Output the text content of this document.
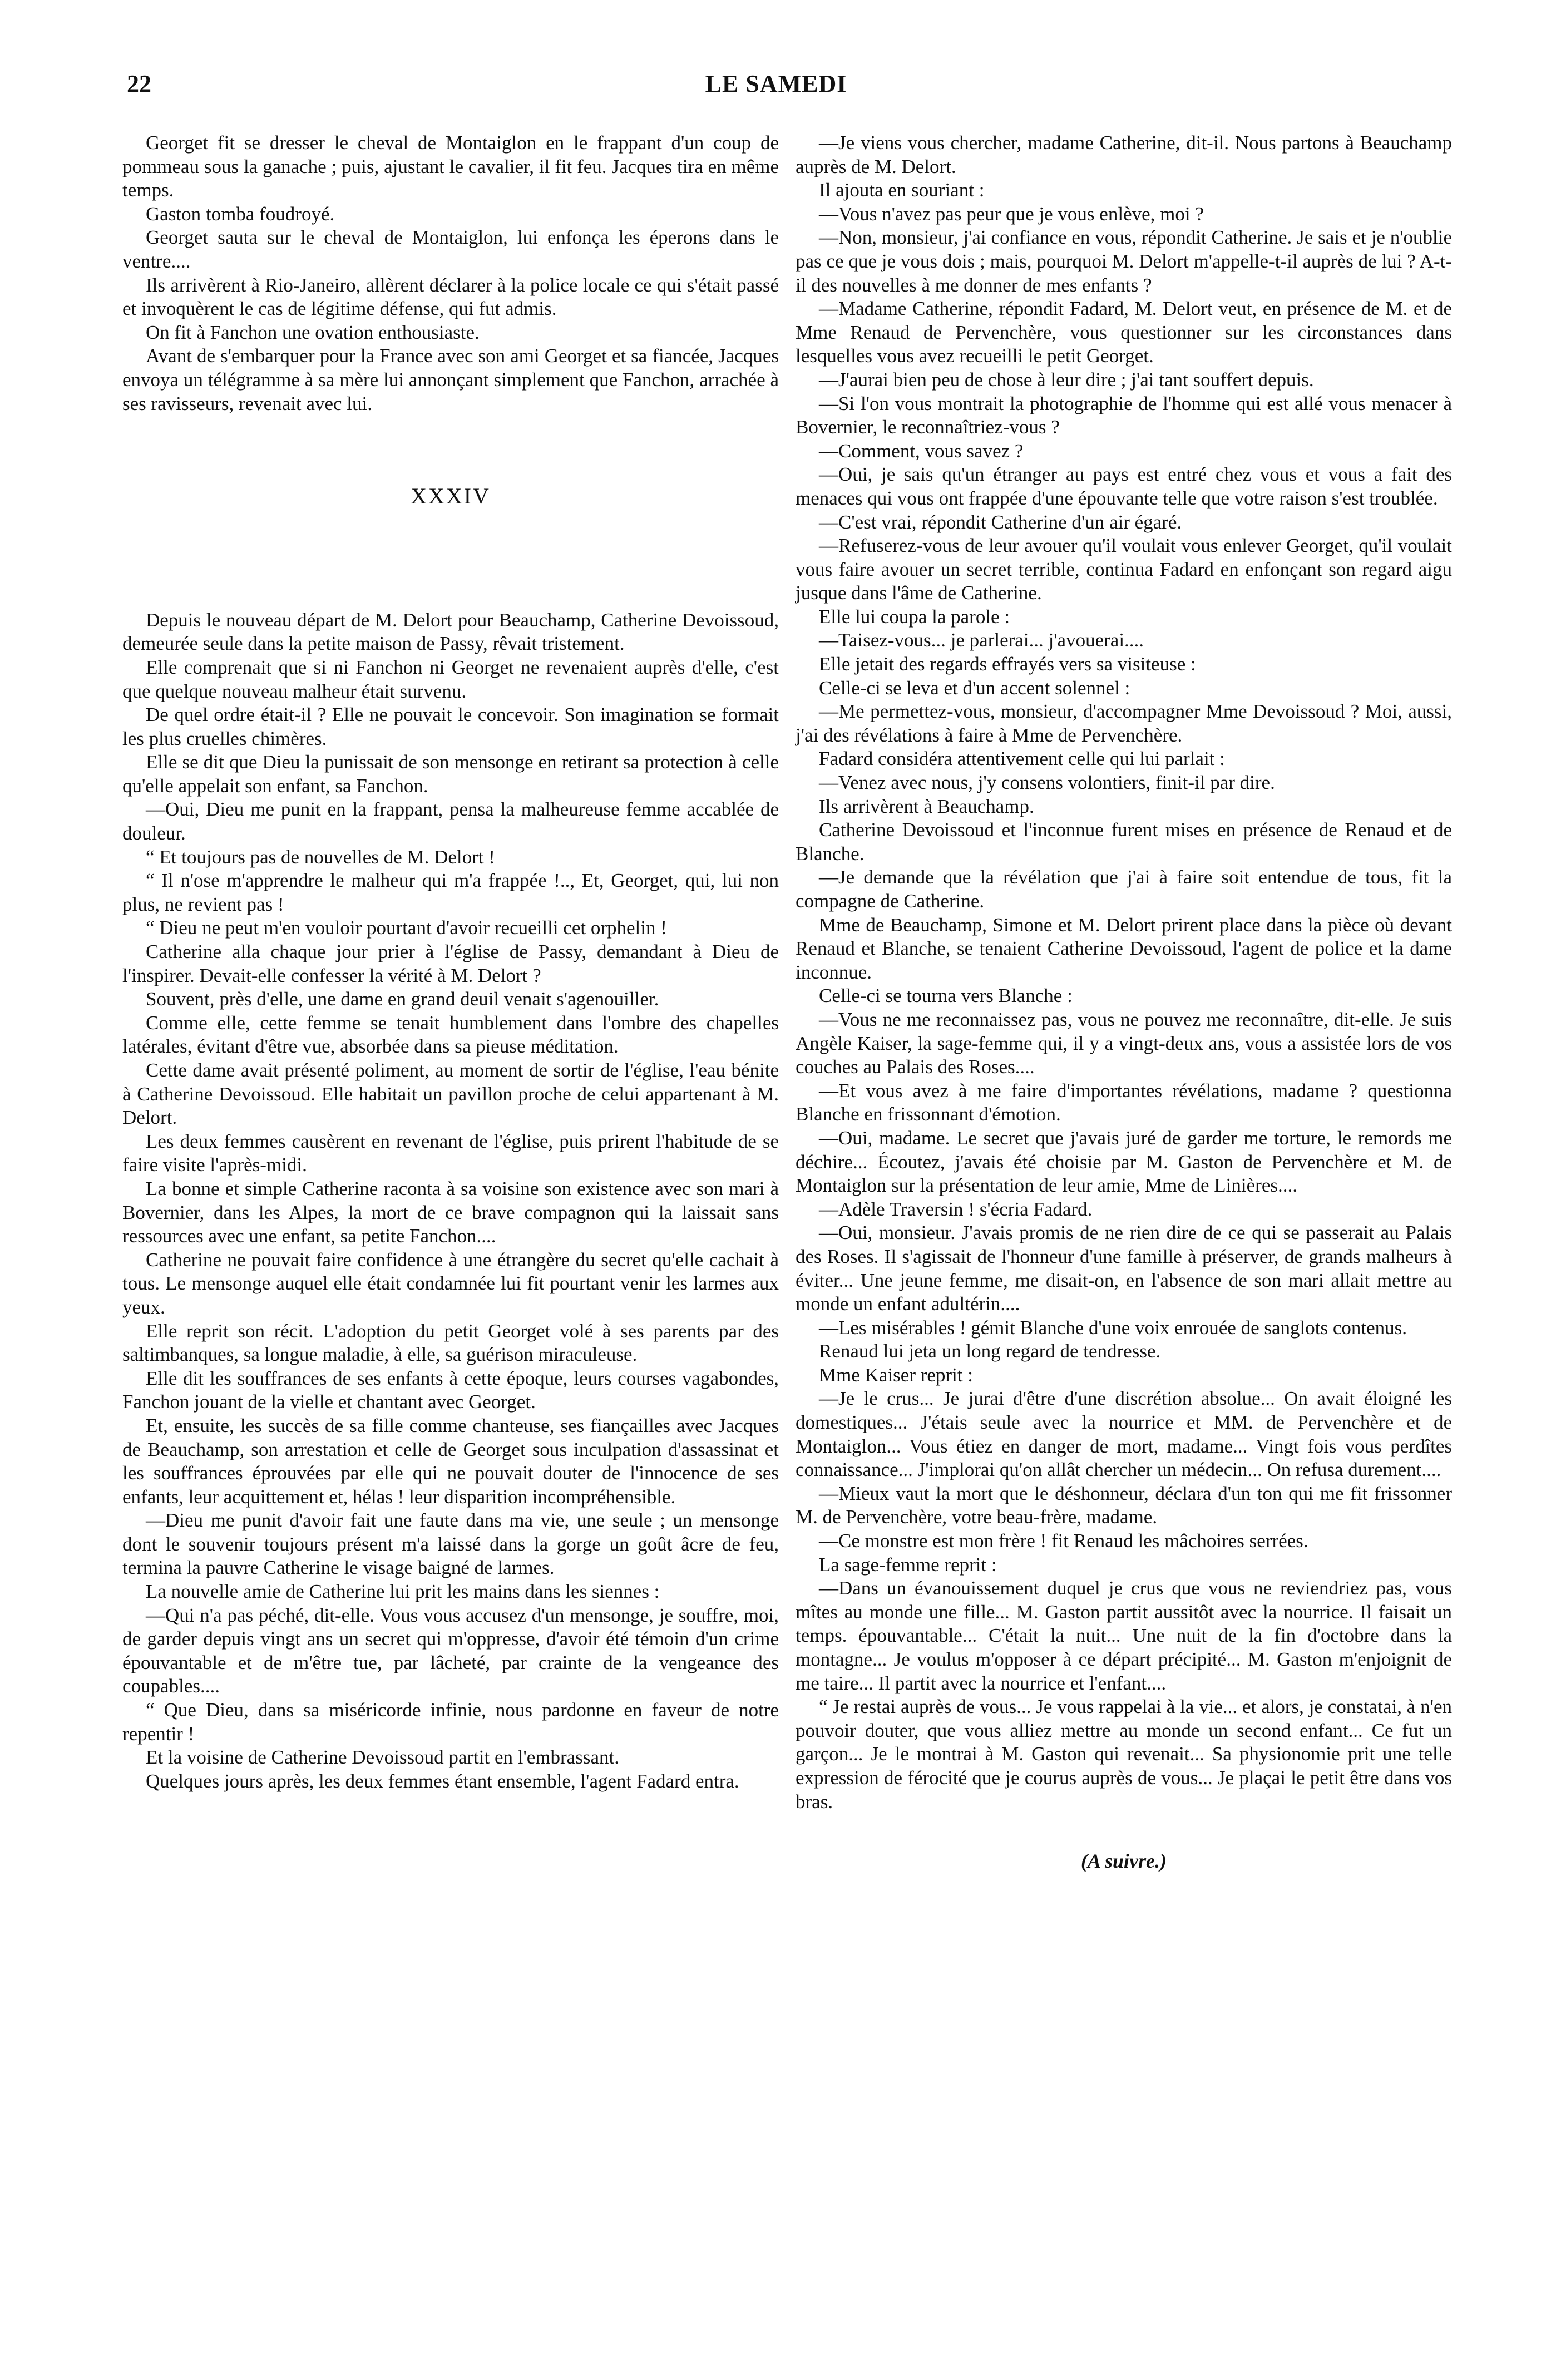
22	LE SAMEDI

Georget fit se dresser le cheval de Montaiglon en le frappant d'un coup de pommeau sous la ganache ; puis, ajustant le cavalier, il fit feu. Jacques tira en même temps.

Gaston tomba foudroyé.

Georget sauta sur le cheval de Montaiglon, lui enfonça les éperons dans le ventre....

Ils arrivèrent à Rio-Janeiro, allèrent déclarer à la police locale ce qui s'était passé et invoquèrent le cas de légitime défense, qui fut admis.

On fit à Fanchon une ovation enthousiaste.

Avant de s'embarquer pour la France avec son ami Georget et sa fiancée, Jacques envoya un télégramme à sa mère lui annonçant simplement que Fanchon, arrachée à ses ravisseurs, revenait avec lui.

XXXIV

Depuis le nouveau départ de M. Delort pour Beauchamp, Catherine Devoissoud, demeurée seule dans la petite maison de Passy, rêvait tristement.

Elle comprenait que si ni Fanchon ni Georget ne revenaient auprès d'elle, c'est que quelque nouveau malheur était survenu.

De quel ordre était-il ? Elle ne pouvait le concevoir. Son imagination se formait les plus cruelles chimères.

Elle se dit que Dieu la punissait de son mensonge en retirant sa protection à celle qu'elle appelait son enfant, sa Fanchon.

—Oui, Dieu me punit en la frappant, pensa la malheureuse femme accablée de douleur.

“ Et toujours pas de nouvelles de M. Delort !

“ Il n'ose m'apprendre le malheur qui m'a frappée !.., Et, Georget, qui, lui non plus, ne revient pas !

“ Dieu ne peut m'en vouloir pourtant d'avoir recueilli cet orphelin !

Catherine alla chaque jour prier à l'église de Passy, demandant à Dieu de l'inspirer. Devait-elle confesser la vérité à M. Delort ?

Souvent, près d'elle, une dame en grand deuil venait s'agenouiller.

Comme elle, cette femme se tenait humblement dans l'ombre des chapelles latérales, évitant d'être vue, absorbée dans sa pieuse méditation.

Cette dame avait présenté poliment, au moment de sortir de l'église, l'eau bénite à Catherine Devoissoud. Elle habitait un pavillon proche de celui appartenant à M. Delort.

Les deux femmes causèrent en revenant de l'église, puis prirent l'habitude de se faire visite l'après-midi.

La bonne et simple Catherine raconta à sa voisine son existence avec son mari à Bovernier, dans les Alpes, la mort de ce brave compagnon qui la laissait sans ressources avec une enfant, sa petite Fanchon....

Catherine ne pouvait faire confidence à une étrangère du secret qu'elle cachait à tous. Le mensonge auquel elle était condamnée lui fit pourtant venir les larmes aux yeux.

Elle reprit son récit. L'adoption du petit Georget volé à ses parents par des saltimbanques, sa longue maladie, à elle, sa guérison miraculeuse.

Elle dit les souffrances de ses enfants à cette époque, leurs courses vagabondes, Fanchon jouant de la vielle et chantant avec Georget.

Et, ensuite, les succès de sa fille comme chanteuse, ses fiançailles avec Jacques de Beauchamp, son arrestation et celle de Georget sous inculpation d'assassinat et les souffrances éprouvées par elle qui ne pouvait douter de l'innocence de ses enfants, leur acquittement et, hélas ! leur disparition incompréhensible.

—Dieu me punit d'avoir fait une faute dans ma vie, une seule ; un mensonge dont le souvenir toujours présent m'a laissé dans la gorge un goût âcre de feu, termina la pauvre Catherine le visage baigné de larmes.

La nouvelle amie de Catherine lui prit les mains dans les siennes :

—Qui n'a pas péché, dit-elle. Vous vous accusez d'un mensonge, je souffre, moi, de garder depuis vingt ans un secret qui m'oppresse, d'avoir été témoin d'un crime épouvantable et de m'être tue, par lâcheté, par crainte de la vengeance des coupables....

“ Que Dieu, dans sa miséricorde infinie, nous pardonne en faveur de notre repentir !

Et la voisine de Catherine Devoissoud partit en l'embrassant.

Quelques jours après, les deux femmes étant ensemble, l'agent Fadard entra.

—Je viens vous chercher, madame Catherine, dit-il. Nous partons à Beauchamp auprès de M. Delort.

Il ajouta en souriant :

—Vous n'avez pas peur que je vous enlève, moi ?

—Non, monsieur, j'ai confiance en vous, répondit Catherine. Je sais et je n'oublie pas ce que je vous dois ; mais, pourquoi M. Delort m'appelle-t-il auprès de lui ? A-t-il des nouvelles à me donner de mes enfants ?

—Madame Catherine, répondit Fadard, M. Delort veut, en présence de M. et de Mme Renaud de Pervenchère, vous questionner sur les circonstances dans lesquelles vous avez recueilli le petit Georget.

—J'aurai bien peu de chose à leur dire ; j'ai tant souffert depuis.

—Si l'on vous montrait la photographie de l'homme qui est allé vous menacer à Bovernier, le reconnaîtriez-vous ?

—Comment, vous savez ?

—Oui, je sais qu'un étranger au pays est entré chez vous et vous a fait des menaces qui vous ont frappée d'une épouvante telle que votre raison s'est troublée.

—C'est vrai, répondit Catherine d'un air égaré.

—Refuserez-vous de leur avouer qu'il voulait vous enlever Georget, qu'il voulait vous faire avouer un secret terrible, continua Fadard en enfonçant son regard aigu jusque dans l'âme de Catherine.

Elle lui coupa la parole :

—Taisez-vous... je parlerai... j'avouerai....

Elle jetait des regards effrayés vers sa visiteuse :

Celle-ci se leva et d'un accent solennel :

—Me permettez-vous, monsieur, d'accompagner Mme Devoissoud ? Moi, aussi, j'ai des révélations à faire à Mme de Pervenchère.

Fadard considéra attentivement celle qui lui parlait :

—Venez avec nous, j'y consens volontiers, finit-il par dire.

Ils arrivèrent à Beauchamp.

Catherine Devoissoud et l'inconnue furent mises en présence de Renaud et de Blanche.

—Je demande que la révélation que j'ai à faire soit entendue de tous, fit la compagne de Catherine.

Mme de Beauchamp, Simone et M. Delort prirent place dans la pièce où devant Renaud et Blanche, se tenaient Catherine Devoissoud, l'agent de police et la dame inconnue.

Celle-ci se tourna vers Blanche :

—Vous ne me reconnaissez pas, vous ne pouvez me reconnaître, dit-elle. Je suis Angèle Kaiser, la sage-femme qui, il y a vingt-deux ans, vous a assistée lors de vos couches au Palais des Roses....

—Et vous avez à me faire d'importantes révélations, madame ? questionna Blanche en frissonnant d'émotion.

—Oui, madame. Le secret que j'avais juré de garder me torture, le remords me déchire... Écoutez, j'avais été choisie par M. Gaston de Pervenchère et M. de Montaiglon sur la présentation de leur amie, Mme de Linières....

—Adèle Traversin ! s'écria Fadard.

—Oui, monsieur. J'avais promis de ne rien dire de ce qui se passerait au Palais des Roses. Il s'agissait de l'honneur d'une famille à préserver, de grands malheurs à éviter... Une jeune femme, me disait-on, en l'absence de son mari allait mettre au monde un enfant adultérin....

—Les misérables ! gémit Blanche d'une voix enrouée de sanglots contenus.

Renaud lui jeta un long regard de tendresse.

Mme Kaiser reprit :

—Je le crus... Je jurai d'être d'une discrétion absolue... On avait éloigné les domestiques... J'étais seule avec la nourrice et MM. de Pervenchère et de Montaiglon... Vous étiez en danger de mort, madame... Vingt fois vous perdîtes connaissance... J'implorai qu'on allât chercher un médecin... On refusa durement....

—Mieux vaut la mort que le déshonneur, déclara d'un ton qui me fit frissonner M. de Pervenchère, votre beau-frère, madame.

—Ce monstre est mon frère ! fit Renaud les mâchoires serrées.

La sage-femme reprit :

—Dans un évanouissement duquel je crus que vous ne reviendriez pas, vous mîtes au monde une fille... M. Gaston partit aussitôt avec la nourrice. Il faisait un temps. épouvantable... C'était la nuit... Une nuit de la fin d'octobre dans la montagne... Je voulus m'opposer à ce départ précipité... M. Gaston m'enjoignit de me taire... Il partit avec la nourrice et l'enfant....

“ Je restai auprès de vous... Je vous rappelai à la vie... et alors, je constatai, à n'en pouvoir douter, que vous alliez mettre au monde un second enfant... Ce fut un garçon... Je le montrai à M. Gaston qui revenait... Sa physionomie prit une telle expression de férocité que je courus auprès de vous... Je plaçai le petit être dans vos bras.

(A suivre.)
